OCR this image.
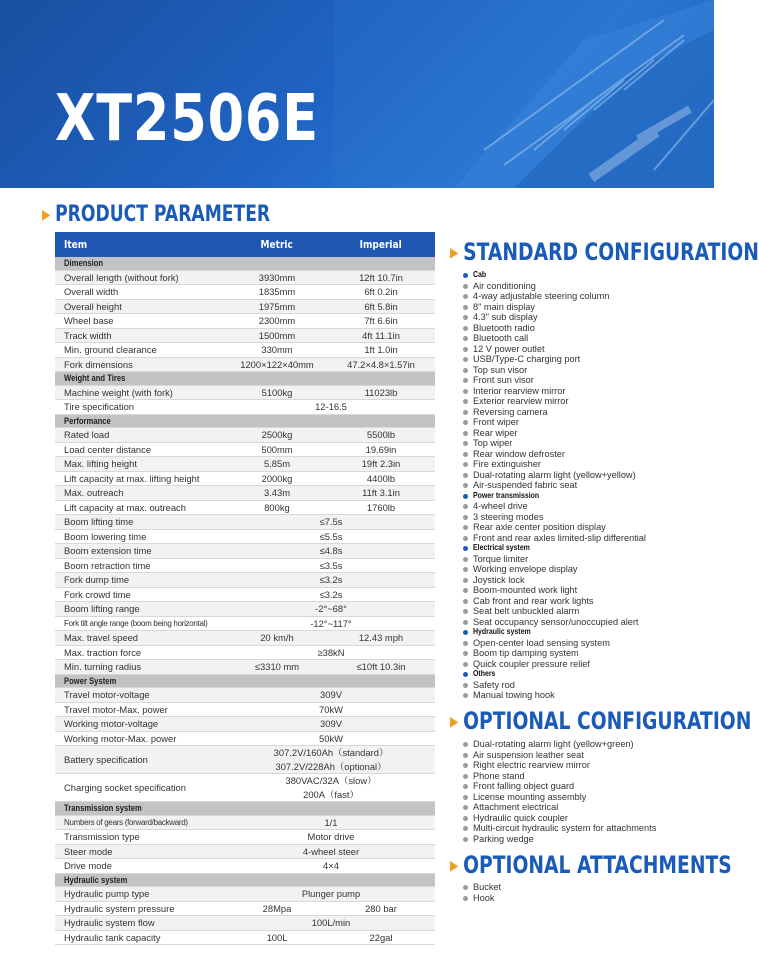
XT2506E
▶ PRODUCT PARAMETER
Item	Metric	Imperial
Dimension		
Overall length (without fork)	3930mm	12ft 10.7in
Overall width	1835mm	6ft 0.2in
Overall height	1975mm	6ft 5.8in
Wheel base	2300mm	7ft 6.6in
Track width	1500mm	4ft 11.1in
Min. ground clearance	330mm	1ft 1.0in
Fork dimensions	1200×122×40mm	47.2×4.8×1.57in
Weight and Tires		
Machine weight (with fork)	5100kg	11023lb
Tire specification	12-16.5	
Performance		
Rated load	2500kg	5500lb
Load center distance	500mm	19.69in
Max. lifting height	5.85m	19ft 2.3in
Lift capacity at max. lifting height	2000kg	4400lb
Max. outreach	3.43m	11ft 3.1in
Lift capacity at max. outreach	800kg	1760lb
Boom lifting time	≤7.5s	
Boom lowering time	≤5.5s	
Boom extension time	≤4.8s	
Boom retraction time	≤3.5s	
Fork dump time	≤3.2s	
Fork crowd time	≤3.2s	
Boom lifting range	-2°~68°	
Fork tilt angle range (boom being horizontal)	-12°~117°	
Max. travel speed	20 km/h	12.43 mph
Max. traction force	≥38kN	
Min. turning radius	≤3310 mm	≤10ft 10.3in
Power System		
Travel motor-voltage	309V	
Travel motor-Max. power	70kW	
Working motor-voltage	309V	
Working motor-Max. power	50kW	
Battery specification	307.2V/160Ah（standard）
307.2V/228Ah（optional）	

Charging socket specification	380VAC/32A（slow）
200A（fast）	

Transmission system		
Numbers of gears (forward/backward)	1/1	
Transmission type	Motor drive	
Steer mode	4-wheel steer	
Drive mode	4×4	
Hydraulic system		
Hydraulic pump type	Plunger pump	
Hydraulic system pressure	28Mpa	280 bar
Hydraulic system flow	100L/min	
Hydraulic tank capacity	100L	22gal
▶ STANDARD CONFIGURATION
Cab
Air conditioning
4-way adjustable steering column
8" main display
4.3" sub display
Bluetooth radio
Bluetooth call
12 V power outlet
USB/Type-C charging port
Top sun visor
Front sun visor
Interior rearview mirror
Exterior rearview mirror
Reversing camera
Front wiper
Rear wiper
Top wiper
Rear window defroster
Fire extinguisher
Dual-rotating alarm light (yellow+yellow)
Air-suspended fabric seat
Power transmission
4-wheel drive
3 steering modes
Rear axle center position display
Front and rear axles limited-slip differential
Electrical system
Torque limiter
Working envelope display
Joystick lock
Boom-mounted work light
Cab front and rear work lights
Seat belt unbuckled alarm
Seat occupancy sensor/unoccupied alert
Hydraulic system
Open-center load sensing system
Boom tip damping system
Quick coupler pressure relief
Others
Safety rod
Manual towing hook
▶ OPTIONAL CONFIGURATION
Dual-rotating alarm light (yellow+green)
Air suspension leather seat
Right electric rearview mirror
Phone stand
Front falling object guard
License mounting assembly
Attachment electrical
Hydraulic quick coupler
Multi-circuit hydraulic system for attachments
Parking wedge
▶ OPTIONAL ATTACHMENTS
Bucket
Hook
